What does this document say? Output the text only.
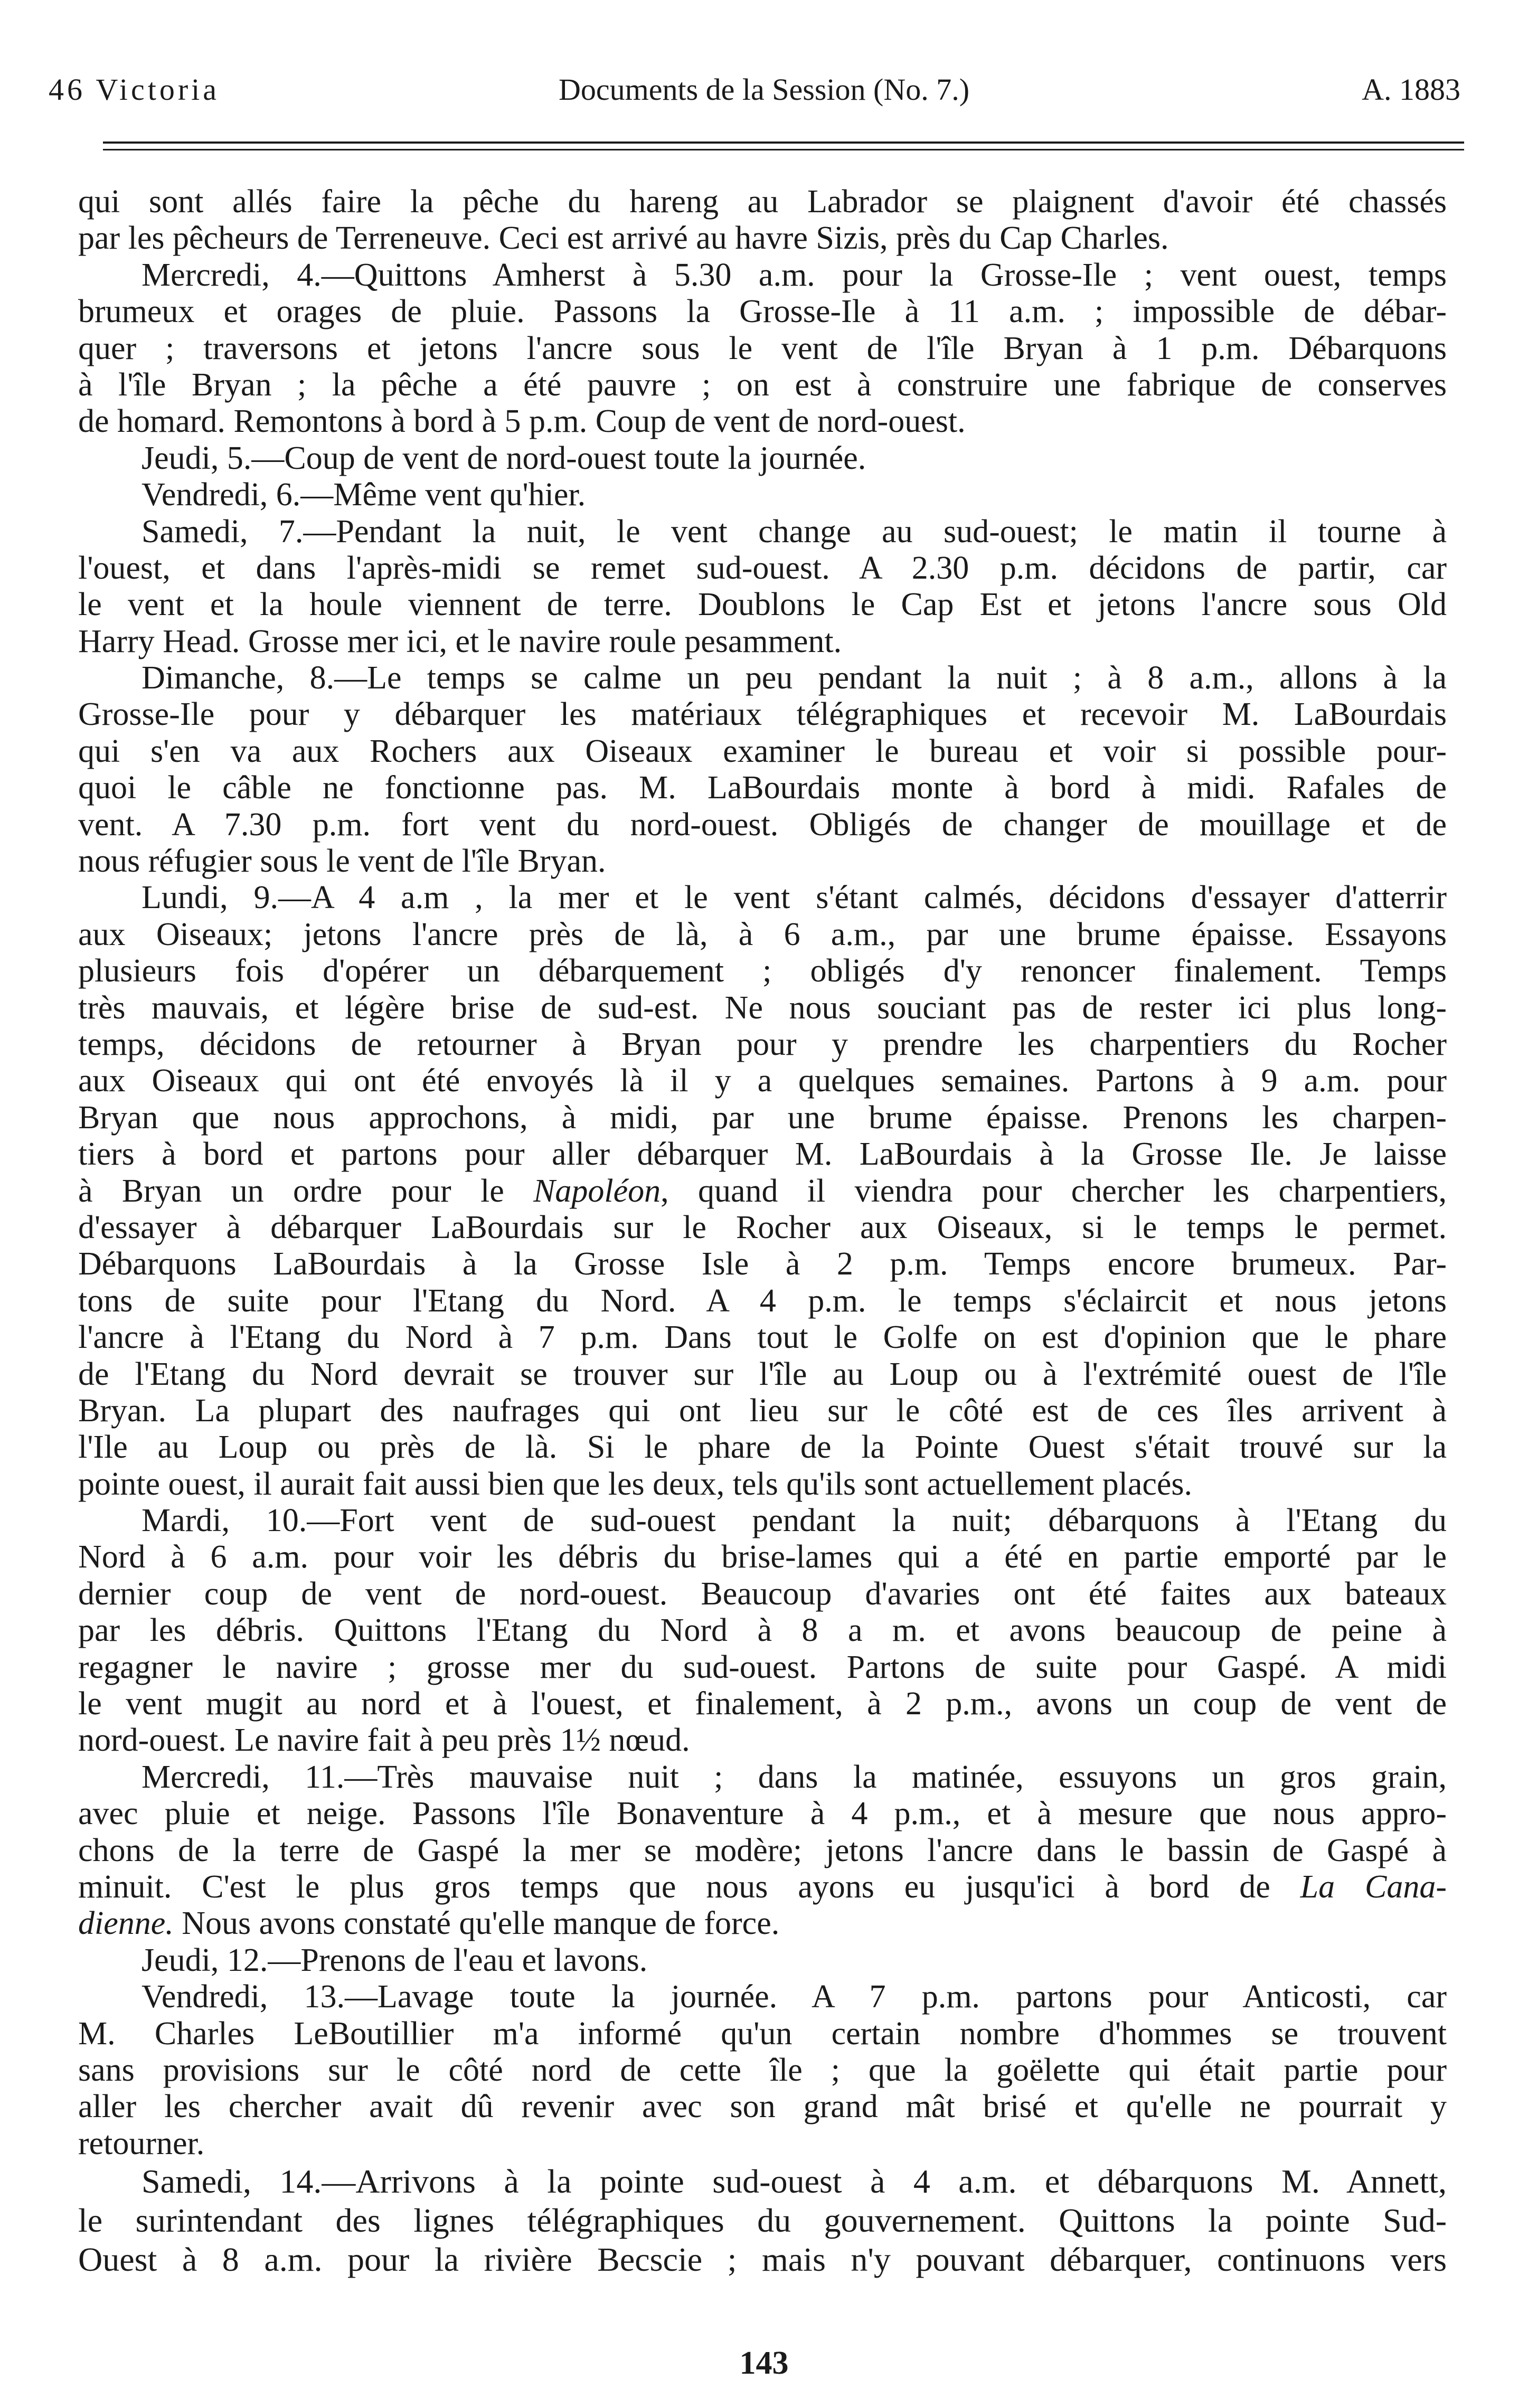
46 Victoria	Documents de la Session (No. 7.)	A. 1883
qui sont allés faire la pêche du hareng au Labrador se plaignent d'avoir été chassés
par les pêcheurs de Terreneuve. Ceci est arrivé au havre Sizis, près du Cap Charles.
Mercredi, 4.—Quittons Amherst à 5.30 a.m. pour la Grosse-Ile ; vent ouest, temps
brumeux et orages de pluie. Passons la Grosse-Ile à 11 a.m. ; impossible de débar-
quer ; traversons et jetons l'ancre sous le vent de l'île Bryan à 1 p.m. Débarquons
à l'île Bryan ; la pêche a été pauvre ; on est à construire une fabrique de conserves
de homard. Remontons à bord à 5 p.m. Coup de vent de nord-ouest.
Jeudi, 5.—Coup de vent de nord-ouest toute la journée.
Vendredi, 6.—Même vent qu'hier.
Samedi, 7.—Pendant la nuit, le vent change au sud-ouest; le matin il tourne à
l'ouest, et dans l'après-midi se remet sud-ouest. A 2.30 p.m. décidons de partir, car
le vent et la houle viennent de terre. Doublons le Cap Est et jetons l'ancre sous Old
Harry Head. Grosse mer ici, et le navire roule pesamment.
Dimanche, 8.—Le temps se calme un peu pendant la nuit ; à 8 a.m., allons à la
Grosse-Ile pour y débarquer les matériaux télégraphiques et recevoir M. LaBourdais
qui s'en va aux Rochers aux Oiseaux examiner le bureau et voir si possible pour-
quoi le câble ne fonctionne pas. M. LaBourdais monte à bord à midi. Rafales de
vent. A 7.30 p.m. fort vent du nord-ouest. Obligés de changer de mouillage et de
nous réfugier sous le vent de l'île Bryan.
Lundi, 9.—A 4 a.m , la mer et le vent s'étant calmés, décidons d'essayer d'atterrir
aux Oiseaux; jetons l'ancre près de là, à 6 a.m., par une brume épaisse. Essayons
plusieurs fois d'opérer un débarquement ; obligés d'y renoncer finalement. Temps
très mauvais, et légère brise de sud-est. Ne nous souciant pas de rester ici plus long-
temps, décidons de retourner à Bryan pour y prendre les charpentiers du Rocher
aux Oiseaux qui ont été envoyés là il y a quelques semaines. Partons à 9 a.m. pour
Bryan que nous approchons, à midi, par une brume épaisse. Prenons les charpen-
tiers à bord et partons pour aller débarquer M. LaBourdais à la Grosse Ile. Je laisse
à Bryan un ordre pour le Napoléon, quand il viendra pour chercher les charpentiers,
d'essayer à débarquer LaBourdais sur le Rocher aux Oiseaux, si le temps le permet.
Débarquons LaBourdais à la Grosse Isle à 2 p.m. Temps encore brumeux. Par-
tons de suite pour l'Etang du Nord. A 4 p.m. le temps s'éclaircit et nous jetons
l'ancre à l'Etang du Nord à 7 p.m. Dans tout le Golfe on est d'opinion que le phare
de l'Etang du Nord devrait se trouver sur l'île au Loup ou à l'extrémité ouest de l'île
Bryan. La plupart des naufrages qui ont lieu sur le côté est de ces îles arrivent à
l'Ile au Loup ou près de là. Si le phare de la Pointe Ouest s'était trouvé sur la
pointe ouest, il aurait fait aussi bien que les deux, tels qu'ils sont actuellement placés.
Mardi, 10.—Fort vent de sud-ouest pendant la nuit; débarquons à l'Etang du
Nord à 6 a.m. pour voir les débris du brise-lames qui a été en partie emporté par le
dernier coup de vent de nord-ouest. Beaucoup d'avaries ont été faites aux bateaux
par les débris. Quittons l'Etang du Nord à 8 a m. et avons beaucoup de peine à
regagner le navire ; grosse mer du sud-ouest. Partons de suite pour Gaspé. A midi
le vent mugit au nord et à l'ouest, et finalement, à 2 p.m., avons un coup de vent de
nord-ouest. Le navire fait à peu près 1½ nœud.
Mercredi, 11.—Très mauvaise nuit ; dans la matinée, essuyons un gros grain,
avec pluie et neige. Passons l'île Bonaventure à 4 p.m., et à mesure que nous appro-
chons de la terre de Gaspé la mer se modère; jetons l'ancre dans le bassin de Gaspé à
minuit. C'est le plus gros temps que nous ayons eu jusqu'ici à bord de La Cana-
dienne. Nous avons constaté qu'elle manque de force.
Jeudi, 12.—Prenons de l'eau et lavons.
Vendredi, 13.—Lavage toute la journée. A 7 p.m. partons pour Anticosti, car
M. Charles LeBoutillier m'a informé qu'un certain nombre d'hommes se trouvent
sans provisions sur le côté nord de cette île ; que la goëlette qui était partie pour
aller les chercher avait dû revenir avec son grand mât brisé et qu'elle ne pourrait y
retourner.
Samedi, 14.—Arrivons à la pointe sud-ouest à 4 a.m. et débarquons M. Annett,
le surintendant des lignes télégraphiques du gouvernement. Quittons la pointe Sud-
Ouest à 8 a.m. pour la rivière Becscie ; mais n'y pouvant débarquer, continuons vers
143
